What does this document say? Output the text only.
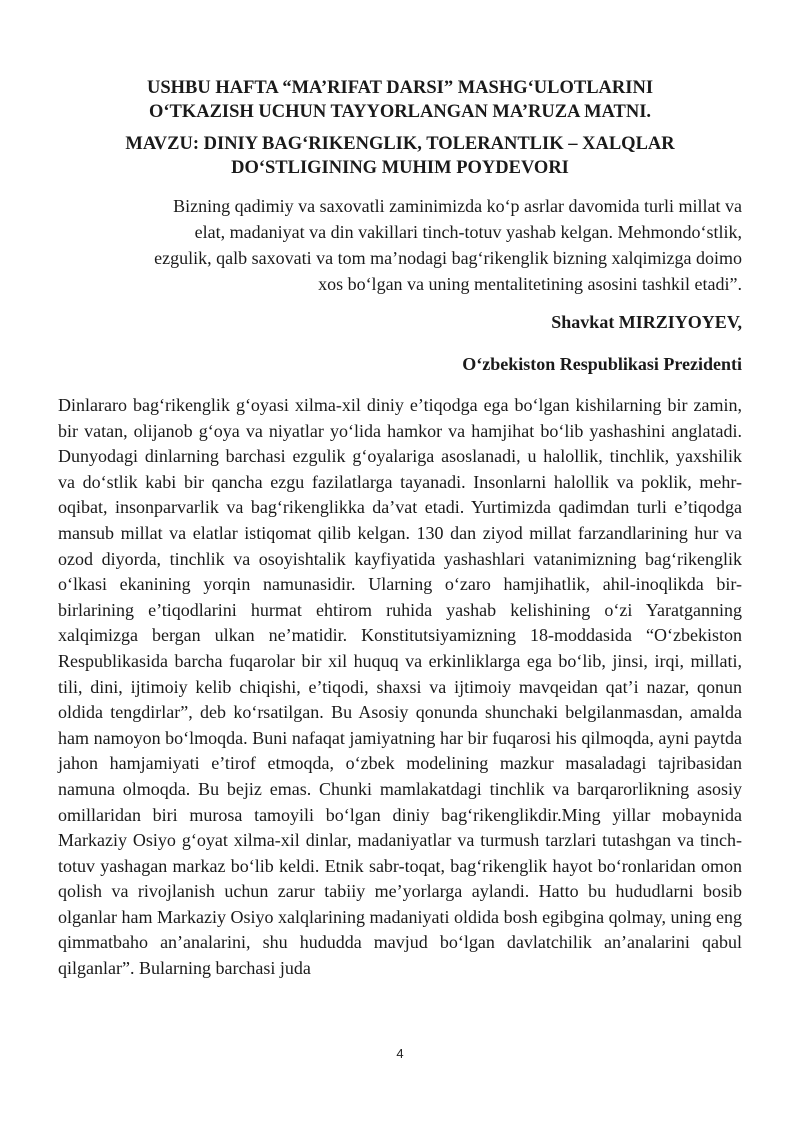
USHBU HAFTA “MA’RIFAT DARSI” MASHG‘ULOTLARINI O‘TKAZISH UCHUN TAYYORLANGAN MA’RUZA MATNI.
MAVZU: DINIY BAG‘RIKENGLIK, TOLERANTLIK – XALQLAR DO‘STLIGINING MUHIM POYDEVORI
Bizning qadimiy va saxovatli zaminimizda ko‘p asrlar davomida turli millat va elat, madaniyat va din vakillari tinch-totuv yashab kelgan. Mehmondo‘stlik, ezgulik, qalb saxovati va tom ma’nodagi bag‘rikenglik bizning xalqimizga doimo xos bo‘lgan va uning mentalitetining asosini tashkil etadi”.
Shavkat MIRZIYOYEV,
O‘zbekiston Respublikasi Prezidenti

Dinlararo bag‘rikenglik g‘oyasi xilma-xil diniy e’tiqodga ega bo‘lgan kishilarning bir zamin, bir vatan, olijanob g‘oya va niyatlar yo‘lida hamkor va hamjihat bo‘lib yashashini anglatadi. Dunyodagi dinlarning barchasi ezgulik g‘oyalariga asoslanadi, u halollik, tinchlik, yaxshilik va do‘stlik kabi bir qancha ezgu fazilatlarga tayanadi. Insonlarni halollik va poklik, mehr-oqibat, insonparvarlik va bag‘rikenglikka da’vat etadi. Yurtimizda qadimdan turli e’tiqodga mansub millat va elatlar istiqomat qilib kelgan. 130 dan ziyod millat farzandlarining hur va ozod diyorda, tinchlik va osoyishtalik kayfiyatida yashashlari vatanimizning bag‘rikenglik o‘lkasi ekanining yorqin namunasidir. Ularning o‘zaro hamjihatlik, ahil-inoqlikda bir-birlarining e’tiqodlarini hurmat ehtirom ruhida yashab kelishining o‘zi Yaratganning xalqimizga bergan ulkan ne’matidir. Konstitutsiyamizning 18-moddasida “O‘zbekiston Respublikasida barcha fuqarolar bir xil huquq va erkinliklarga ega bo‘lib, jinsi, irqi, millati, tili, dini, ijtimoiy kelib chiqishi, e’tiqodi, shaxsi va ijtimoiy mavqeidan qat’i nazar, qonun oldida tengdirlar”, deb ko‘rsatilgan. Bu Asosiy qonunda shunchaki belgilanmasdan, amalda ham namoyon bo‘lmoqda. Buni nafaqat jamiyatning har bir fuqarosi his qilmoqda, ayni paytda jahon hamjamiyati e’tirof etmoqda, o‘zbek modelining mazkur masaladagi tajribasidan namuna olmoqda. Bu bejiz emas. Chunki mamlakatdagi tinchlik va barqarorlikning asosiy omillaridan biri murosa tamoyili bo‘lgan diniy bag‘rikenglikdir.Ming yillar mobaynida Markaziy Osiyo g‘oyat xilma-xil dinlar, madaniyatlar va turmush tarzlari tutashgan va tinch-totuv yashagan markaz bo‘lib keldi. Etnik sabr-toqat, bag‘rikenglik hayot bo‘ronlaridan omon qolish va rivojlanish uchun zarur tabiiy me’yorlarga aylandi. Hatto bu hududlarni bosib olganlar ham Markaziy Osiyo xalqlarining madaniyati oldida bosh egibgina qolmay, uning eng qimmatbaho an’analarini, shu hududda mavjud bo‘lgan davlatchilik an’analarini qabul qilganlar”. Bularning barchasi juda

4
